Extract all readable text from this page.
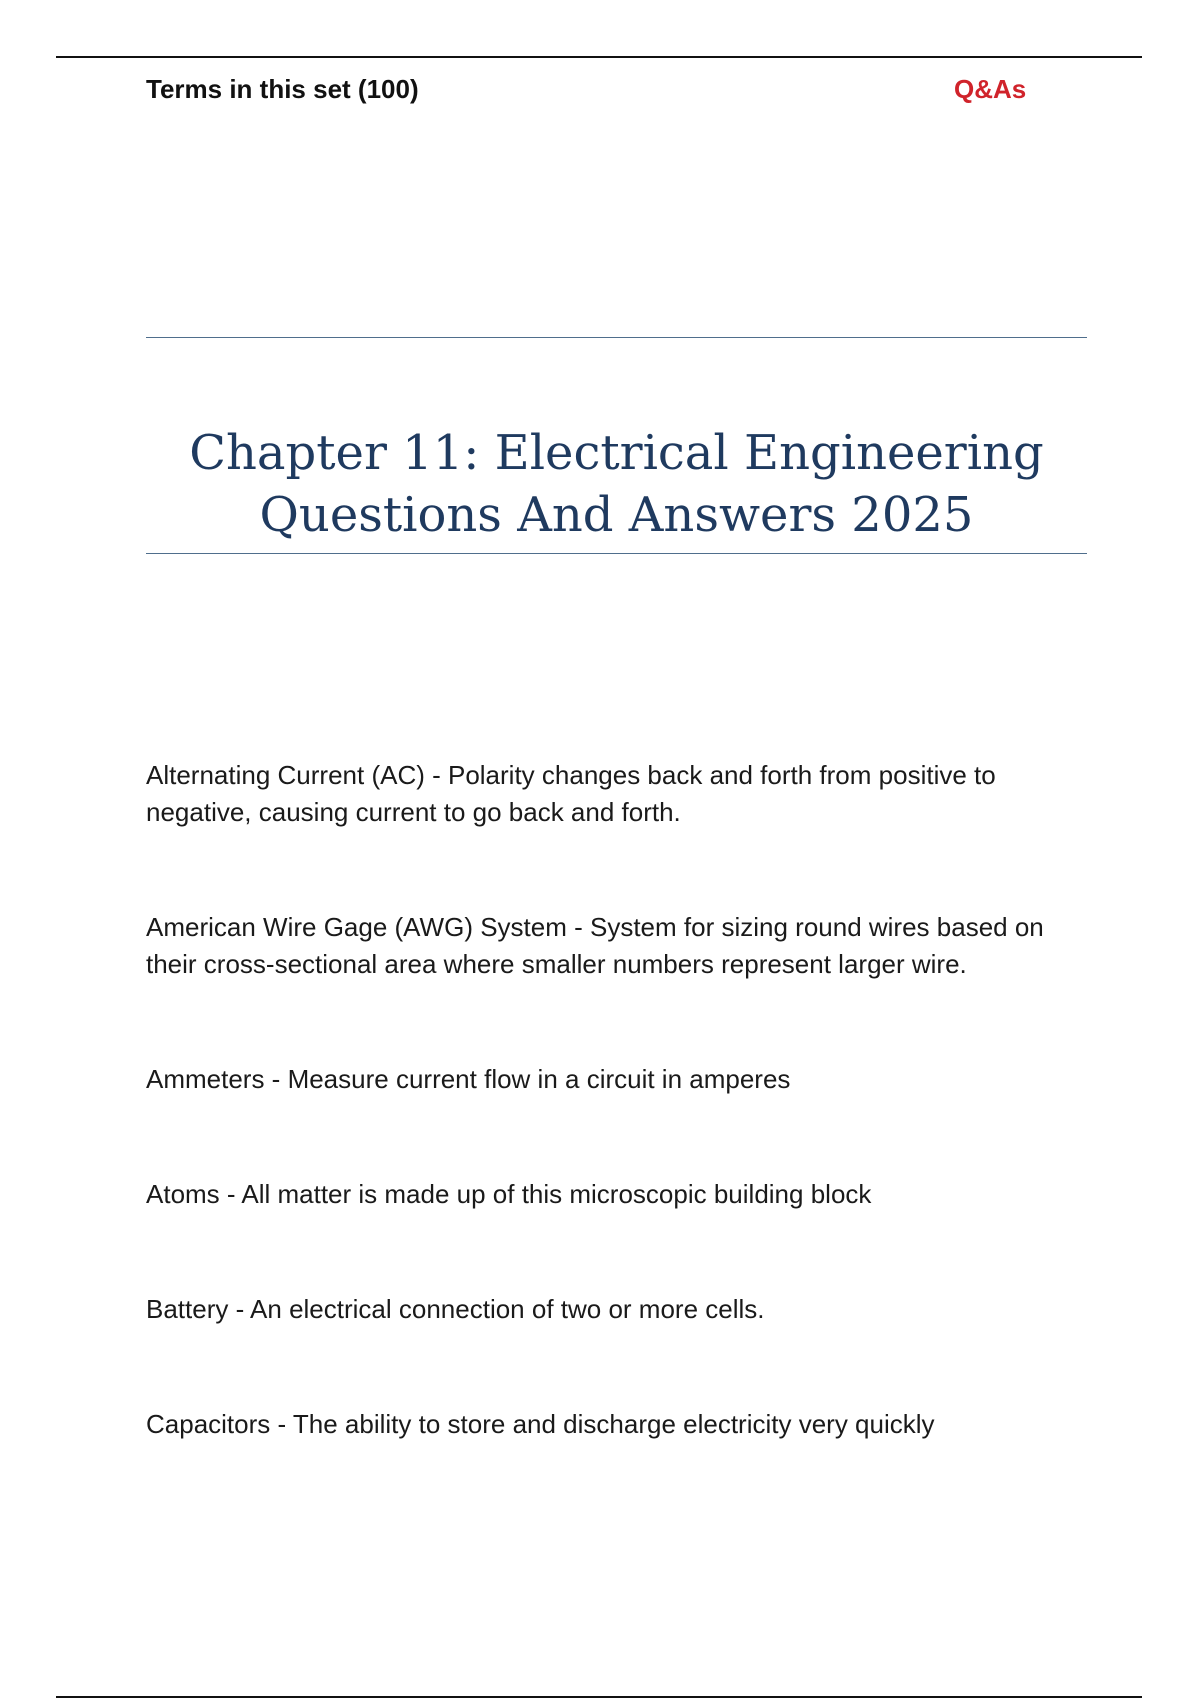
Terms in this set (100)	Q&As
Chapter 11: Electrical Engineering
Questions And Answers 2025
Alternating Current (AC) - Polarity changes back and forth from positive to negative, causing current to go back and forth.
American Wire Gage (AWG) System - System for sizing round wires based on their cross-sectional area where smaller numbers represent larger wire.
Ammeters - Measure current flow in a circuit in amperes
Atoms - All matter is made up of this microscopic building block
Battery - An electrical connection of two or more cells.
Capacitors - The ability to store and discharge electricity very quickly
